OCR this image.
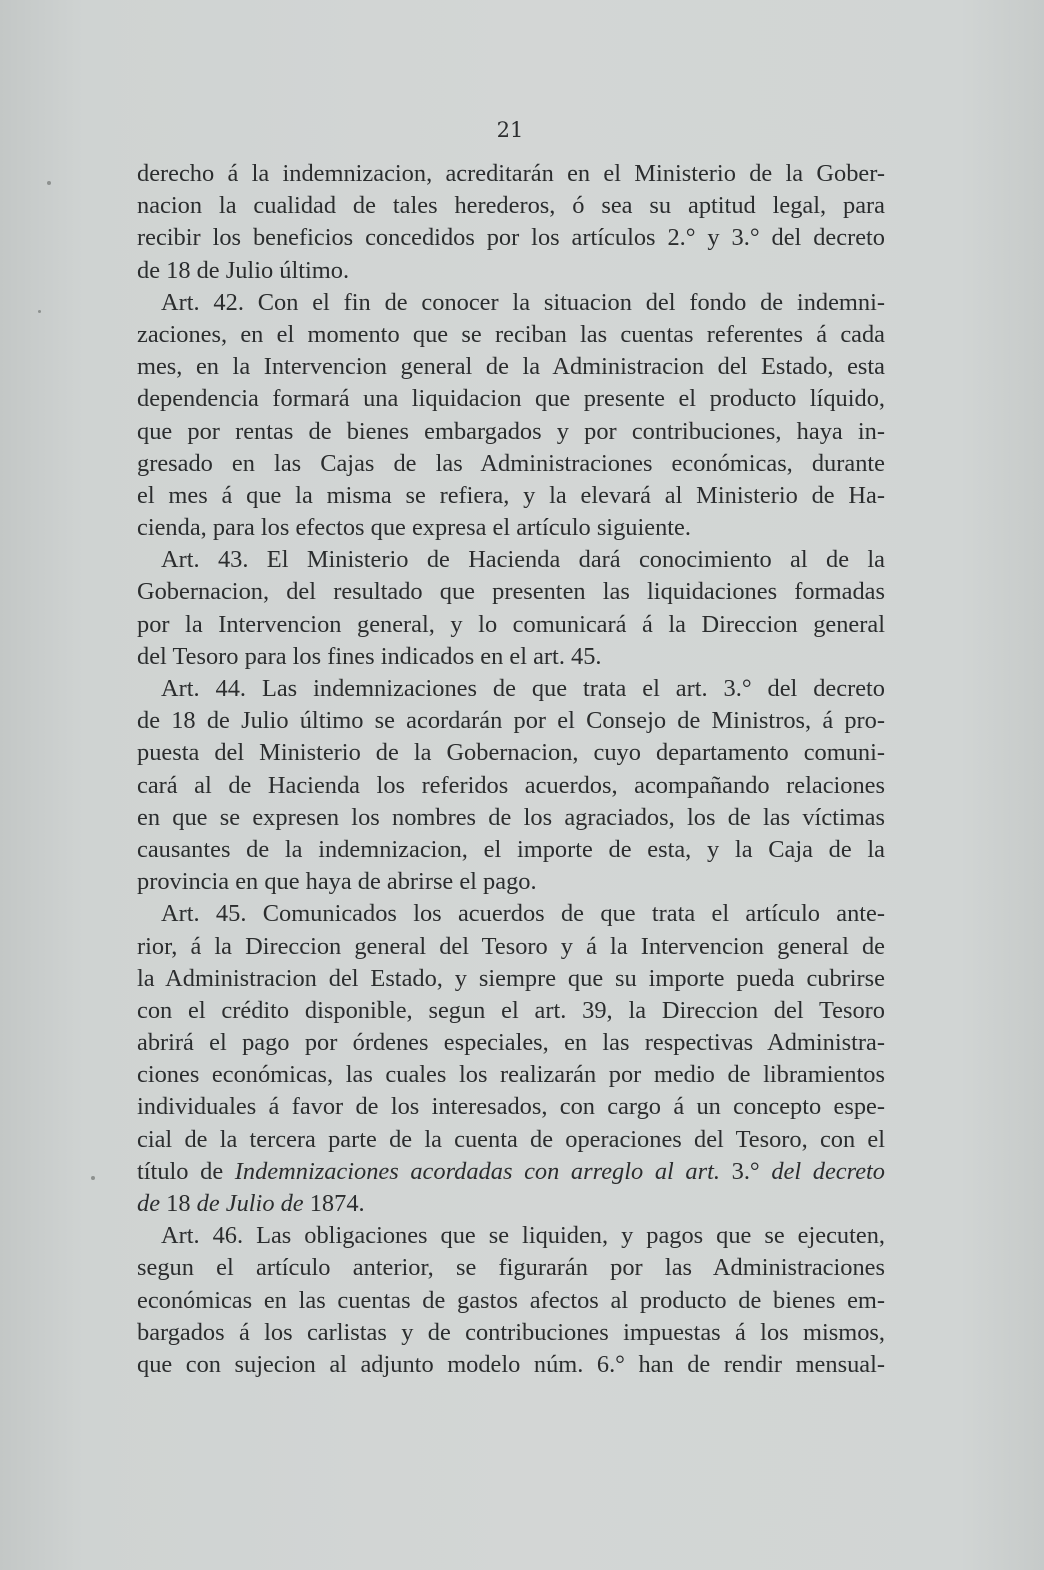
21
derecho á la indemnizacion, acreditarán en el Ministerio de la Gober-
nacion la cualidad de tales herederos, ó sea su aptitud legal, para
recibir los beneficios concedidos por los artículos 2.° y 3.° del decreto
de 18 de Julio último.
Art. 42. Con el fin de conocer la situacion del fondo de indemni-
zaciones, en el momento que se reciban las cuentas referentes á cada
mes, en la Intervencion general de la Administracion del Estado, esta
dependencia formará una liquidacion que presente el producto líquido,
que por rentas de bienes embargados y por contribuciones, haya in-
gresado en las Cajas de las Administraciones económicas, durante
el mes á que la misma se refiera, y la elevará al Ministerio de Ha-
cienda, para los efectos que expresa el artículo siguiente.
Art. 43. El Ministerio de Hacienda dará conocimiento al de la
Gobernacion, del resultado que presenten las liquidaciones formadas
por la Intervencion general, y lo comunicará á la Direccion general
del Tesoro para los fines indicados en el art. 45.
Art. 44. Las indemnizaciones de que trata el art. 3.° del decreto
de 18 de Julio último se acordarán por el Consejo de Ministros, á pro-
puesta del Ministerio de la Gobernacion, cuyo departamento comuni-
cará al de Hacienda los referidos acuerdos, acompañando relaciones
en que se expresen los nombres de los agraciados, los de las víctimas
causantes de la indemnizacion, el importe de esta, y la Caja de la
provincia en que haya de abrirse el pago.
Art. 45. Comunicados los acuerdos de que trata el artículo ante-
rior, á la Direccion general del Tesoro y á la Intervencion general de
la Administracion del Estado, y siempre que su importe pueda cubrirse
con el crédito disponible, segun el art. 39, la Direccion del Tesoro
abrirá el pago por órdenes especiales, en las respectivas Administra-
ciones económicas, las cuales los realizarán por medio de libramientos
individuales á favor de los interesados, con cargo á un concepto espe-
cial de la tercera parte de la cuenta de operaciones del Tesoro, con el
título de Indemnizaciones acordadas con arreglo al art. 3.° del decreto
de 18 de Julio de 1874.
Art. 46. Las obligaciones que se liquiden, y pagos que se ejecuten,
segun el artículo anterior, se figurarán por las Administraciones
económicas en las cuentas de gastos afectos al producto de bienes em-
bargados á los carlistas y de contribuciones impuestas á los mismos,
que con sujecion al adjunto modelo núm. 6.° han de rendir mensual-
